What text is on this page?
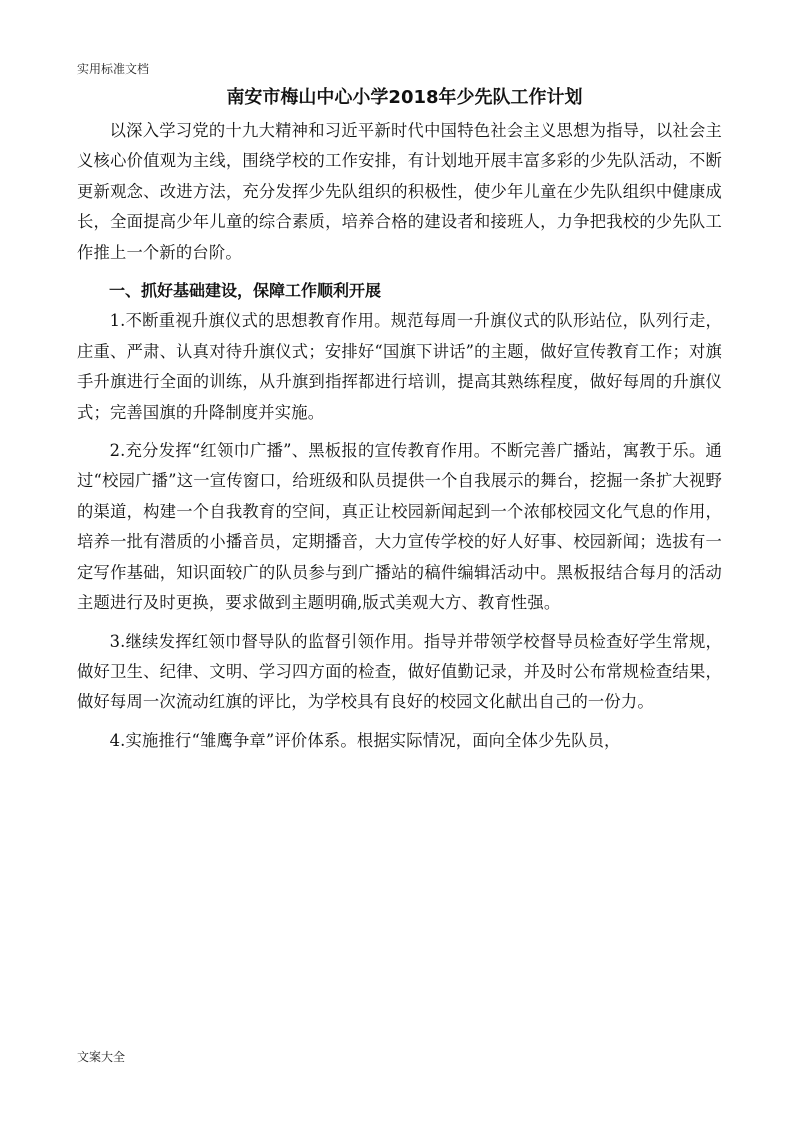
实用标准文档
南安市梅山中心小学2018年少先队工作计划

以深入学习党的十九大精神和习近平新时代中国特色社会主义思想为指导，以社会主义核心价值观为主线，围绕学校的工作安排，有计划地开展丰富多彩的少先队活动，不断更新观念、改进方法，充分发挥少先队组织的积极性，使少年儿童在少先队组织中健康成长，全面提高少年儿童的综合素质，培养合格的建设者和接班人，力争把我校的少先队工作推上一个新的台阶。

一、抓好基础建设，保障工作顺利开展

1.不断重视升旗仪式的思想教育作用。规范每周一升旗仪式的队形站位，队列行走，庄重、严肃、认真对待升旗仪式；安排好“国旗下讲话”的主题，做好宣传教育工作；对旗手升旗进行全面的训练，从升旗到指挥都进行培训，提高其熟练程度，做好每周的升旗仪式；完善国旗的升降制度并实施。

2.充分发挥“红领巾广播”、黑板报的宣传教育作用。不断完善广播站，寓教于乐。通过“校园广播”这一宣传窗口，给班级和队员提供一个自我展示的舞台，挖掘一条扩大视野的渠道，构建一个自我教育的空间，真正让校园新闻起到一个浓郁校园文化气息的作用，培养一批有潜质的小播音员，定期播音，大力宣传学校的好人好事、校园新闻；选拔有一定写作基础，知识面较广的队员参与到广播站的稿件编辑活动中。黑板报结合每月的活动主题进行及时更换，要求做到主题明确,版式美观大方、教育性强。

3.继续发挥红领巾督导队的监督引领作用。指导并带领学校督导员检查好学生常规，做好卫生、纪律、文明、学习四方面的检查，做好值勤记录，并及时公布常规检查结果，做好每周一次流动红旗的评比，为学校具有良好的校园文化献出自己的一份力。

4.实施推行“雏鹰争章”评价体系。根据实际情况，面向全体少先队员，

文案大全
